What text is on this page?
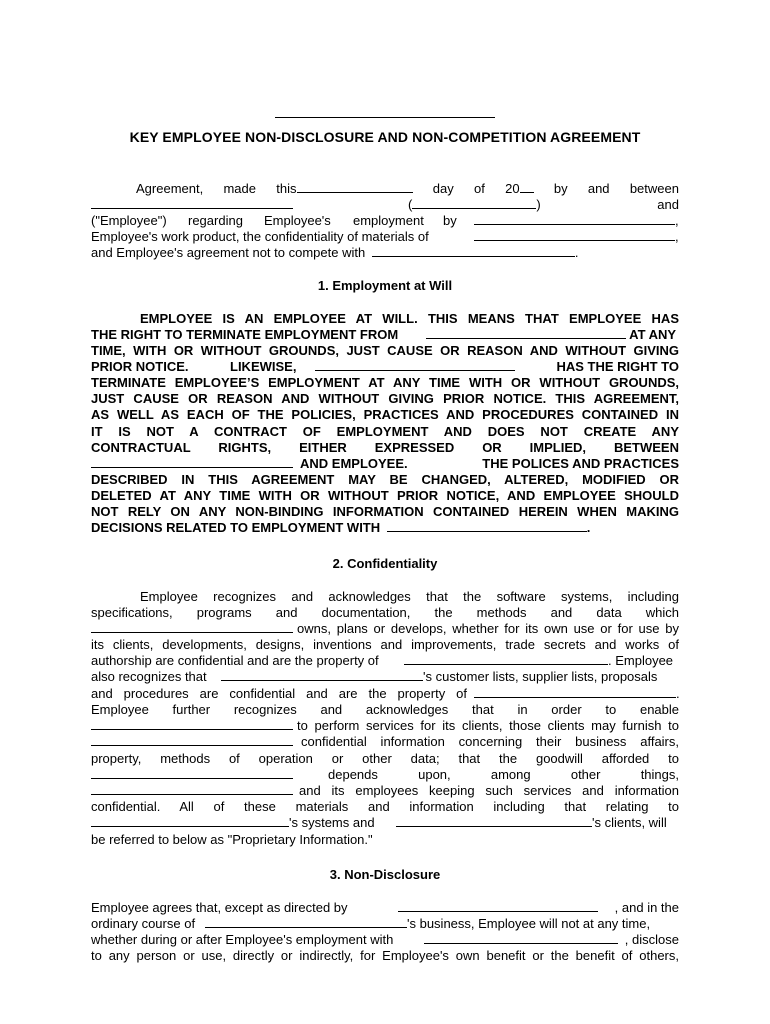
KEY EMPLOYEE NON-DISCLOSURE AND NON-COMPETITION AGREEMENT
Agreement, made this	day of 20	by and between
(	)	and
("Employee") regarding Employee's employment by	,
Employee's work product, the confidentiality of materials of	,
and Employee's agreement not to compete with	.
1. Employment at Will
EMPLOYEE IS AN EMPLOYEE AT WILL. THIS MEANS THAT EMPLOYEE HAS
THE RIGHT TO TERMINATE EMPLOYMENT FROM	AT ANY
TIME, WITH OR WITHOUT GROUNDS, JUST CAUSE OR REASON AND WITHOUT GIVING
PRIOR NOTICE.	LIKEWISE,	HAS THE RIGHT TO
TERMINATE EMPLOYEE’S EMPLOYMENT AT ANY TIME WITH OR WITHOUT GROUNDS,
JUST CAUSE OR REASON AND WITHOUT GIVING PRIOR NOTICE. THIS AGREEMENT,
AS WELL AS EACH OF THE POLICIES, PRACTICES AND PROCEDURES CONTAINED IN
IT IS NOT A CONTRACT OF EMPLOYMENT AND DOES NOT CREATE ANY
CONTRACTUAL RIGHTS, EITHER EXPRESSED OR IMPLIED, BETWEEN
AND EMPLOYEE.	THE POLICES AND PRACTICES
DESCRIBED IN THIS AGREEMENT MAY BE CHANGED, ALTERED, MODIFIED OR
DELETED AT ANY TIME WITH OR WITHOUT PRIOR NOTICE, AND EMPLOYEE SHOULD
NOT RELY ON ANY NON-BINDING INFORMATION CONTAINED HEREIN WHEN MAKING
DECISIONS RELATED TO EMPLOYMENT WITH	.
2. Confidentiality
Employee recognizes and acknowledges that the software systems, including
specifications, programs and documentation, the methods and data which
owns, plans or develops, whether for its own use or for use by
its clients, developments, designs, inventions and improvements, trade secrets and works of
authorship are confidential and are the property of	. Employee
also recognizes that	's customer lists, supplier lists, proposals
and procedures are confidential and are the property of	.
Employee further recognizes and acknowledges that in order to enable
to perform services for its clients, those clients may furnish to
confidential information concerning their business affairs,
property, methods of operation or other data; that the goodwill afforded to
depends upon, among other things,
and its employees keeping such services and information
confidential. All of these materials and information including that relating to
's systems and	's clients, will
be referred to below as "Proprietary Information."
3. Non-Disclosure
Employee agrees that, except as directed by	, and in the
ordinary course of	's business, Employee will not at any time,
whether during or after Employee's employment with	, disclose
to any person or use, directly or indirectly, for Employee's own benefit or the benefit of others,
